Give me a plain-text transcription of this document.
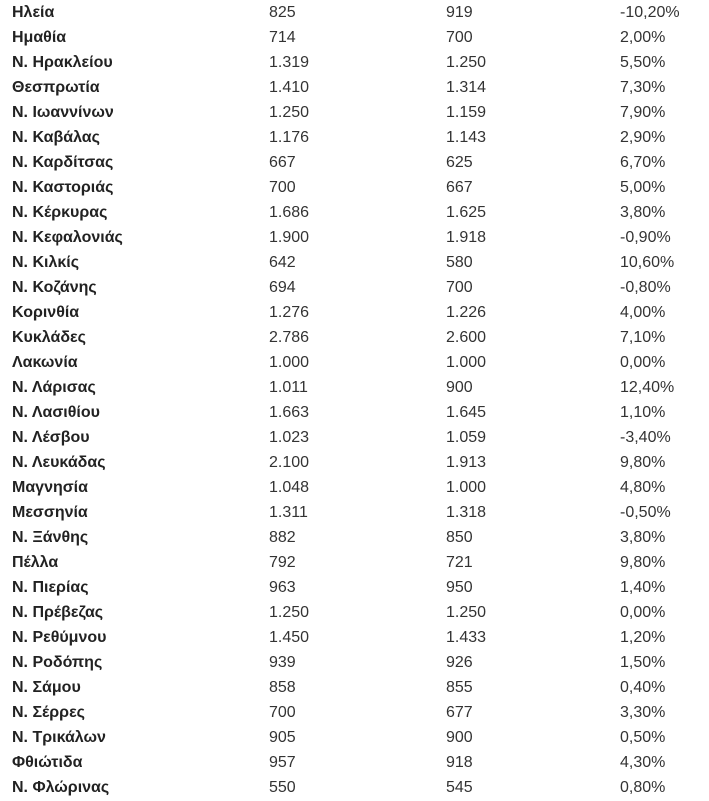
Ηλεία	825	919	-10,20%
Ημαθία	714	700	2,00%
Ν. Ηρακλείου	1.319	1.250	5,50%
Θεσπρωτία	1.410	1.314	7,30%
Ν. Ιωαννίνων	1.250	1.159	7,90%
Ν. Καβάλας	1.176	1.143	2,90%
Ν. Καρδίτσας	667	625	6,70%
Ν. Καστοριάς	700	667	5,00%
Ν. Κέρκυρας	1.686	1.625	3,80%
Ν. Κεφαλονιάς	1.900	1.918	-0,90%
Ν. Κιλκίς	642	580	10,60%
Ν. Κοζάνης	694	700	-0,80%
Κορινθία	1.276	1.226	4,00%
Κυκλάδες	2.786	2.600	7,10%
Λακωνία	1.000	1.000	0,00%
Ν. Λάρισας	1.011	900	12,40%
Ν. Λασιθίου	1.663	1.645	1,10%
Ν. Λέσβου	1.023	1.059	-3,40%
Ν. Λευκάδας	2.100	1.913	9,80%
Μαγνησία	1.048	1.000	4,80%
Μεσσηνία	1.311	1.318	-0,50%
Ν. Ξάνθης	882	850	3,80%
Πέλλα	792	721	9,80%
Ν. Πιερίας	963	950	1,40%
Ν. Πρέβεζας	1.250	1.250	0,00%
Ν. Ρεθύμνου	1.450	1.433	1,20%
Ν. Ροδόπης	939	926	1,50%
Ν. Σάμου	858	855	0,40%
Ν. Σέρρες	700	677	3,30%
Ν. Τρικάλων	905	900	0,50%
Φθιώτιδα	957	918	4,30%
Ν. Φλώρινας	550	545	0,80%
